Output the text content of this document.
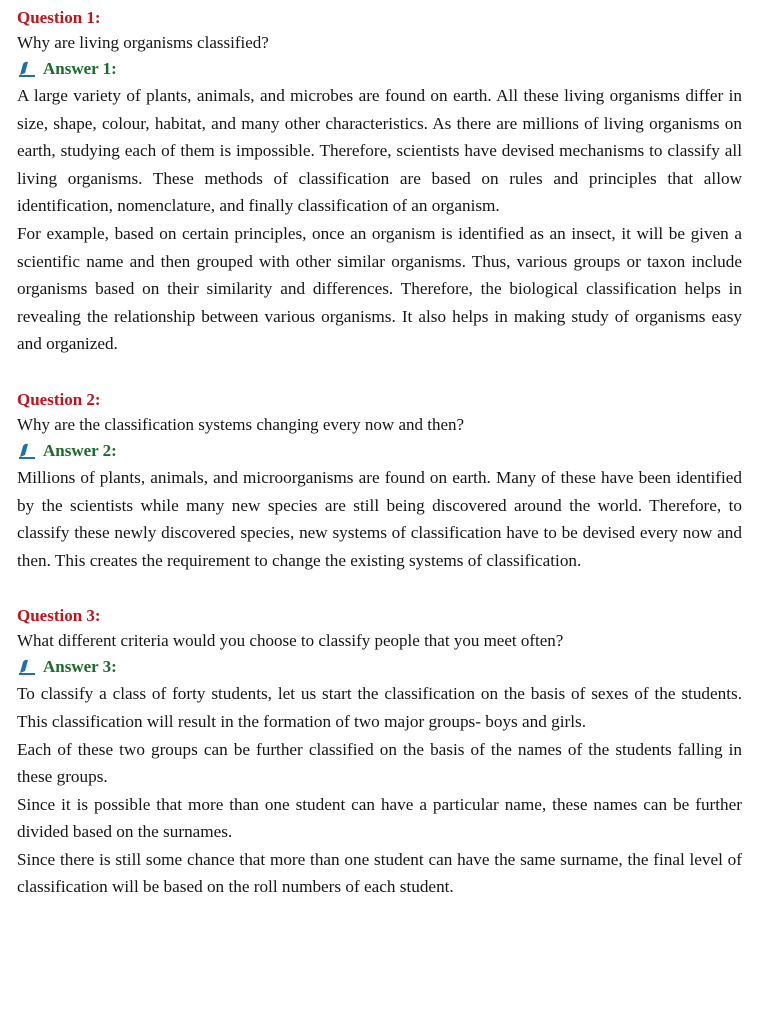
Question 1:
Why are living organisms classified?
Answer 1:

A large variety of plants, animals, and microbes are found on earth. All these living organisms differ in size, shape, colour, habitat, and many other characteristics. As there are millions of living organisms on earth, studying each of them is impossible. Therefore, scientists have devised mechanisms to classify all living organisms. These methods of classification are based on rules and principles that allow identification, nomenclature, and finally classification of an organism.

For example, based on certain principles, once an organism is identified as an insect, it will be given a scientific name and then grouped with other similar organisms. Thus, various groups or taxon include organisms based on their similarity and differences. Therefore, the biological classification helps in revealing the relationship between various organisms. It also helps in making study of organisms easy and organized.

Question 2:
Why are the classification systems changing every now and then?
Answer 2:

Millions of plants, animals, and microorganisms are found on earth. Many of these have been identified by the scientists while many new species are still being discovered around the world. Therefore, to classify these newly discovered species, new systems of classification have to be devised every now and then. This creates the requirement to change the existing systems of classification.

Question 3:
What different criteria would you choose to classify people that you meet often?
Answer 3:

To classify a class of forty students, let us start the classification on the basis of sexes of the students. This classification will result in the formation of two major groups- boys and girls.

Each of these two groups can be further classified on the basis of the names of the students falling in these groups.

Since it is possible that more than one student can have a particular name, these names can be further divided based on the surnames.

Since there is still some chance that more than one student can have the same surname, the final level of classification will be based on the roll numbers of each student.
